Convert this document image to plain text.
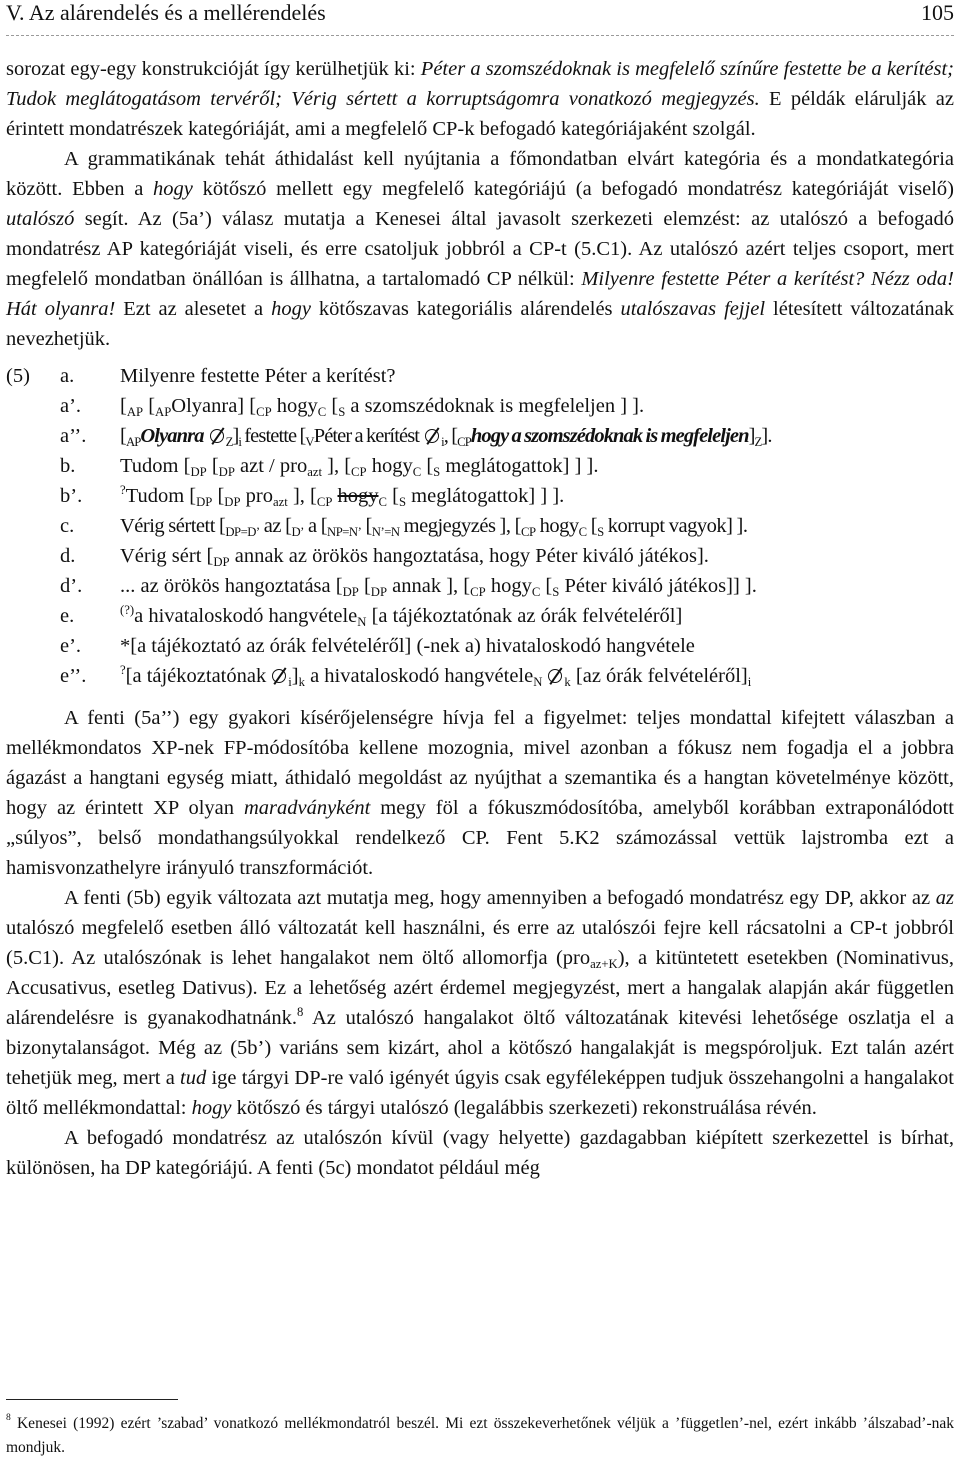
V. Az alárendelés és a mellérendelés	105

sorozat egy-egy konstrukcióját így kerülhetjük ki: Péter a szomszédoknak is megfelelő színűre festette be a kerítést; Tudok meglátogatásom tervéről; Vérig sértett a korruptságomra vonatkozó megjegyzés. E példák elárulják az érintett mondatrészek kategóriáját, ami a megfelelő CP-k befogadó kategóriájaként szolgál.

A grammatikának tehát áthidalást kell nyújtania a főmondatban elvárt kategória és a mondatkategória között. Ebben a hogy kötőszó mellett egy megfelelő kategóriájú (a befogadó mondatrész kategóriáját viselő) utalószó segít. Az (5a’) válasz mutatja a Kenesei által javasolt szerkezeti elemzést: az utalószó a befogadó mondatrész AP kategóriáját viseli, és erre csatoljuk jobbról a CP-t (5.C1). Az utalószó azért teljes csoport, mert megfelelő mondatban önállóan is állhatna, a tartalomadó CP nélkül: Milyenre festette Péter a kerítést? Nézz oda! Hát olyanra! Ezt az alesetet a hogy kötőszavas kategoriális alárendelés utalószavas fejjel létesített változatának nevezhetjük.

(5)	a.	Milyenre festette Péter a kerítést?
a’.	[$_{AP}$ $[_{AP}Olyanra]$ [$_{CP}$ hogy$_C$ [$_S$ a szomszédoknak is megfeleljen ] ].
a’’.	[$_{AP}Olyanra$ $_Z]_i$ festette [$_VPéter$ a kerítést $_i$, [$_{CP}hogy$ a szomszédoknak is $megfeleljen]_Z$].
b.	Tudom [$_{DP}$ [$_{DP}$ azt / pro$_{azt}$ ], [$_{CP}$ hogy$_C$ [$_S$ meglátogattok] ] ].
b’.	?Tudom [$_{DP}$ [$_{DP}$ pro$_{azt}$ ], [$_{CP}$ hogy$_C$ [$_S$ meglátogattok] ] ].
c.	Vérig sértett [$_{DP=D’}$ az [$_{D’}$ a [$_{NP=N’}$ [$_{N’=N}$ megjegyzés ], [$_{CP}$ hogy$_C$ [$_S$ korrupt vagyok] ].
d.	Vérig sért [$_{DP}$ annak az örökös hangoztatása, hogy Péter kiváló játékos].
d’.	... az örökös hangoztatása [$_{DP}$ [$_{DP}$ annak ], [$_{CP}$ hogy$_C$ [$_S$ Péter kiváló játékos]] ].
e.	(?)a hivataloskodó hangvétele$_N$ [a tájékoztatónak az órák felvételéről]
e’.	*[a tájékoztató az órák felvételéről] (-nek a) hivataloskodó hangvétele
e’’.	?[a tájékoztatónak $_i]_k$ a hivataloskodó hangvétele$_N$ $_k$ [az órák $felvételéről]_i$

A fenti (5a’’) egy gyakori kísérőjelenségre hívja fel a figyelmet: teljes mondattal kifejtett válaszban a mellékmondatos XP-nek FP-módosítóba kellene mozognia, mivel azonban a fókusz nem fogadja el a jobbra ágazást a hangtani egység miatt, áthidaló megoldást az nyújthat a szemantika és a hangtan követelménye között, hogy az érintett XP olyan maradványként megy föl a fókuszmódosítóba, amelyből korábban extraponálódott „súlyos”, belső mondathangsúlyokkal rendelkező CP. Fent 5.K2 számozással vettük lajstromba ezt a hamisvonzathelyre irányuló transzformációt.

A fenti (5b) egyik változata azt mutatja meg, hogy amennyiben a befogadó mondatrész egy DP, akkor az az utalószó megfelelő esetben álló változatát kell használni, és erre az utalószói fejre kell rácsatolni a CP-t jobbról (5.C1). Az utalószónak is lehet hangalakot nem öltő allomorfja (pro$_{az+K}$), a kitüntetett esetekben (Nominativus, Accusativus, esetleg Dativus). Ez a lehetőség azért érdemel megjegyzést, mert a hangalak alapján akár független alárendelésre is gyanakodhatnánk.$^8$ Az utalószó hangalakot öltő változatának kitevési lehetősége oszlatja el a bizonytalanságot. Még az (5b’) variáns sem kizárt, ahol a kötőszó hangalakját is megspóroljuk. Ezt talán azért tehetjük meg, mert a tud ige tárgyi DP-re való igényét úgyis csak egyféleképpen tudjuk összehangolni a hangalakot öltő mellékmondattal: hogy kötőszó és tárgyi utalószó (legalábbis szerkezeti) rekonstruálása révén.

A befogadó mondatrész az utalószón kívül (vagy helyette) gazdagabban kiépített szerkezettel is bírhat, különösen, ha DP kategóriájú. A fenti (5c) mondatot például még

$^8$ Kenesei (1992) ezért ’szabad’ vonatkozó mellékmondatról beszél. Mi ezt összekeverhetőnek véljük a ’független’-nel, ezért inkább ’álszabad’-nak mondjuk.
